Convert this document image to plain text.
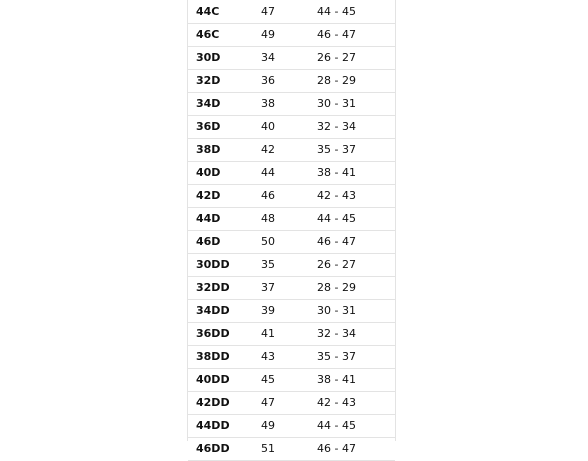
44C	47	44 - 45
46C	49	46 - 47
30D	34	26 - 27
32D	36	28 - 29
34D	38	30 - 31
36D	40	32 - 34
38D	42	35 - 37
40D	44	38 - 41
42D	46	42 - 43
44D	48	44 - 45
46D	50	46 - 47
30DD	35	26 - 27
32DD	37	28 - 29
34DD	39	30 - 31
36DD	41	32 - 34
38DD	43	35 - 37
40DD	45	38 - 41
42DD	47	42 - 43
44DD	49	44 - 45
46DD	51	46 - 47
